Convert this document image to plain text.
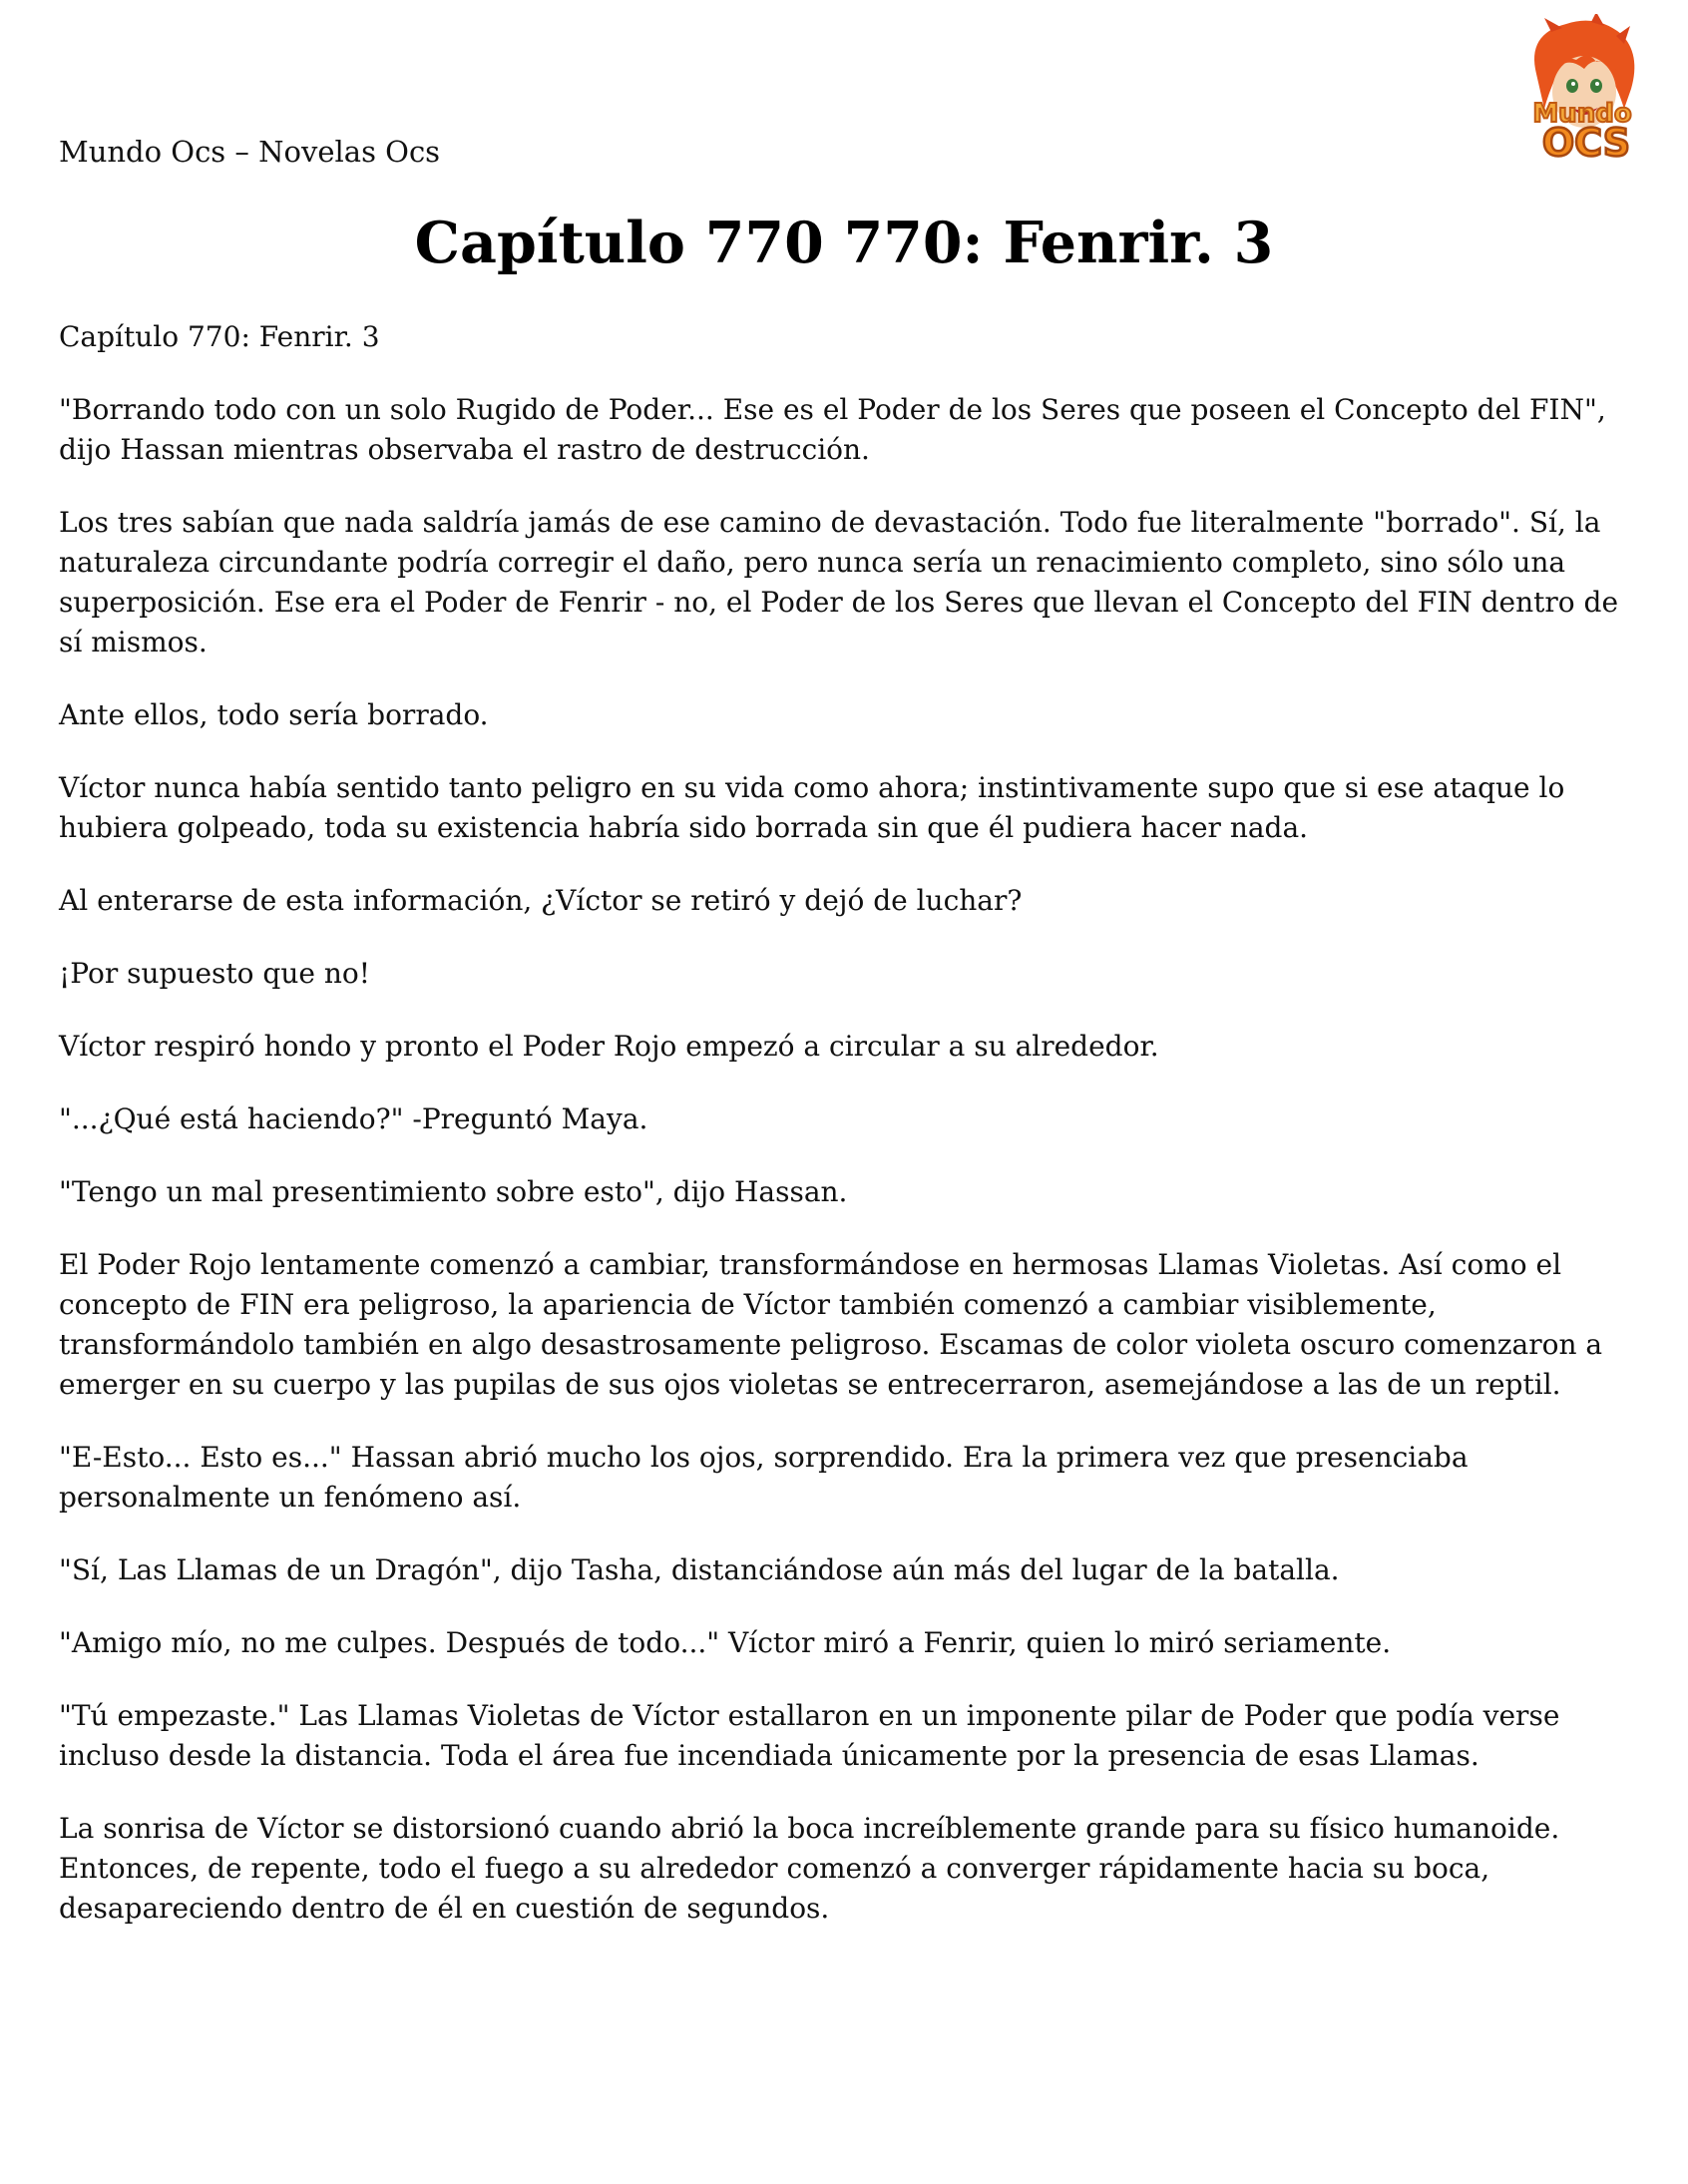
Mundo Ocs – Novelas Ocs
Mundo
OCS
Capítulo 770 770: Fenrir. 3

Capítulo 770: Fenrir. 3

"Borrando todo con un solo Rugido de Poder... Ese es el Poder de los Seres que poseen el Concepto del FIN", dijo Hassan mientras observaba el rastro de destrucción.

Los tres sabían que nada saldría jamás de ese camino de devastación. Todo fue literalmente "borrado". Sí, la naturaleza circundante podría corregir el daño, pero nunca sería un renacimiento completo, sino sólo una superposición. Ese era el Poder de Fenrir - no, el Poder de los Seres que llevan el Concepto del FIN dentro de sí mismos.

Ante ellos, todo sería borrado.

Víctor nunca había sentido tanto peligro en su vida como ahora; instintivamente supo que si ese ataque lo hubiera golpeado, toda su existencia habría sido borrada sin que él pudiera hacer nada.

Al enterarse de esta información, ¿Víctor se retiró y dejó de luchar?

¡Por supuesto que no!

Víctor respiró hondo y pronto el Poder Rojo empezó a circular a su alrededor.

"...¿Qué está haciendo?" -Preguntó Maya.

"Tengo un mal presentimiento sobre esto", dijo Hassan.

El Poder Rojo lentamente comenzó a cambiar, transformándose en hermosas Llamas Violetas. Así como el concepto de FIN era peligroso, la apariencia de Víctor también comenzó a cambiar visiblemente, transformándolo también en algo desastrosamente peligroso. Escamas de color violeta oscuro comenzaron a emerger en su cuerpo y las pupilas de sus ojos violetas se entrecerraron, asemejándose a las de un reptil.

"E-Esto... Esto es..." Hassan abrió mucho los ojos, sorprendido. Era la primera vez que presenciaba personalmente un fenómeno así.

"Sí, Las Llamas de un Dragón", dijo Tasha, distanciándose aún más del lugar de la batalla.

"Amigo mío, no me culpes. Después de todo..." Víctor miró a Fenrir, quien lo miró seriamente.

"Tú empezaste." Las Llamas Violetas de Víctor estallaron en un imponente pilar de Poder que podía verse incluso desde la distancia. Toda el área fue incendiada únicamente por la presencia de esas Llamas.

La sonrisa de Víctor se distorsionó cuando abrió la boca increíblemente grande para su físico humanoide. Entonces, de repente, todo el fuego a su alrededor comenzó a converger rápidamente hacia su boca, desapareciendo dentro de él en cuestión de segundos.
